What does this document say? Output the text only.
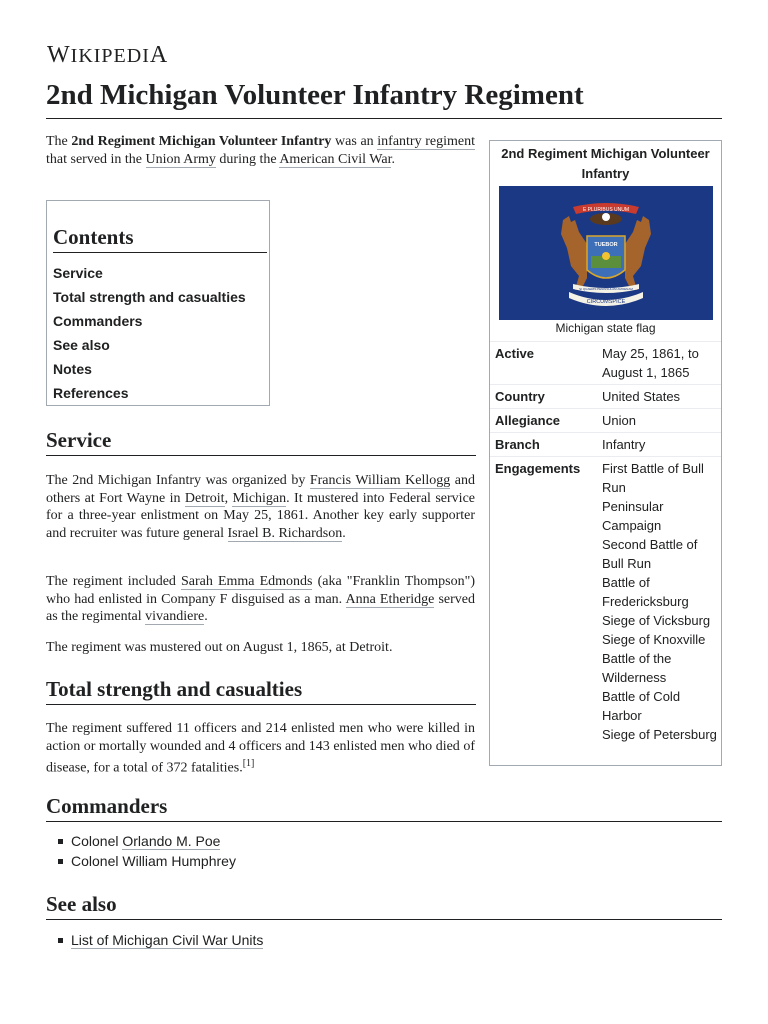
WIKIPEDIA
2nd Michigan Volunteer Infantry Regiment

The 2nd Regiment Michigan Volunteer Infantry was an infantry regiment that served in the Union Army during the American Civil War.

Contents
Service
Total strength and casualties
Commanders
See also
Notes
References
Service

The 2nd Michigan Infantry was organized by Francis William Kellogg and others at Fort Wayne in Detroit, Michigan. It mustered into Federal service for a three-year enlistment on May 25, 1861. Another key early supporter and recruiter was future general Israel B. Richardson.

The regiment included Sarah Emma Edmonds (aka "Franklin Thompson") who had enlisted in Company F disguised as a man. Anna Etheridge served as the regimental vivandiere.

The regiment was mustered out on August 1, 1865, at Detroit.

Total strength and casualties

The regiment suffered 11 officers and 214 enlisted men who were killed in action or mortally wounded and 4 officers and 143 enlisted men who died of disease, for a total of 372 fatalities.[1]

Commanders
Colonel Orlando M. Poe
Colonel William Humphrey
See also
List of Michigan Civil War Units
2nd Regiment Michigan Volunteer Infantry
E PLURIBUS UNUM
TUEBOR
SI QUAERIS PENINSULAM AMOENAM
CIRCUMSPICE
Michigan state flag
Active	May 25, 1861, to August 1, 1865
Country	United States
Allegiance	Union
Branch	Infantry
Engagements First Battle of Bull Run
Peninsular Campaign
Second Battle of Bull Run
Battle of Fredericksburg
Siege of Vicksburg
Siege of Knoxville
Battle of the Wilderness
Battle of Cold Harbor
Siege of Petersburg
